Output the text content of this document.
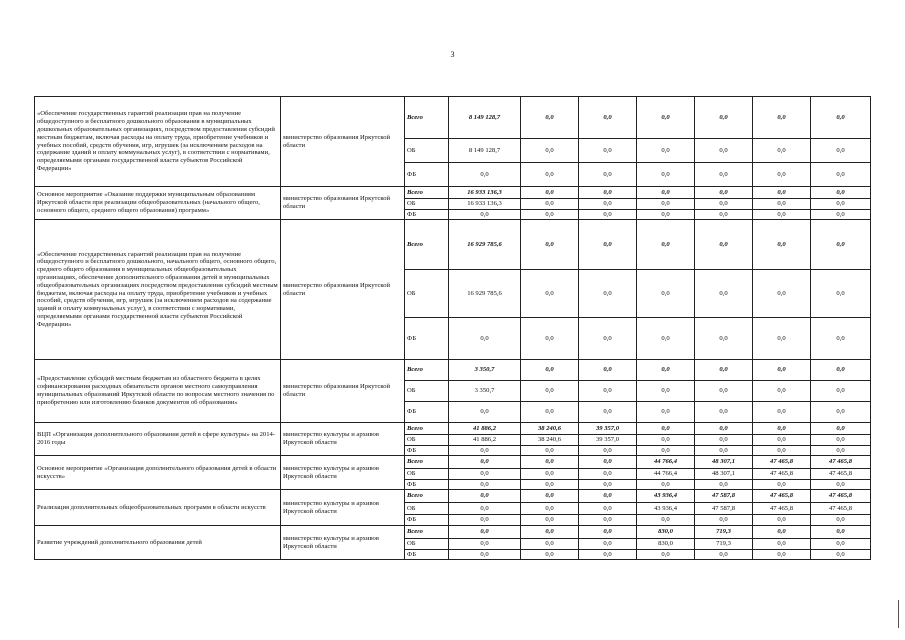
3
«Обеспечение государственных гарантий реализации прав на получение общедоступного и бесплатного дошкольного образования в муниципальных дошкольных образовательных организациях, посредством предоставления субсидий местным бюджетам, включая расходы на оплату труда, приобретение учебников и учебных пособий, средств обучения, игр, игрушек (за исключением расходов на содержание зданий и оплату коммунальных услуг), в соответствии с нормативами, определяемыми органами государственной власти субъектов Российской Федерации»	министерство образования Иркутской области	Всего	8 149 128,7	0,0	0,0	0,0	0,0	0,0	0,0
		ОБ	8 149 128,7	0,0	0,0	0,0	0,0	0,0	0,0
		ФБ	0,0	0,0	0,0	0,0	0,0	0,0	0,0
Основное мероприятие «Оказание поддержки муниципальным образованиям Иркутской области при реализации общеобразовательных (начального общего, основного общего, среднего общего образования) программ»	министерство образования Иркутской области	Всего	16 933 136,3	0,0	0,0	0,0	0,0	0,0	0,0
		ОБ	16 933 136,3	0,0	0,0	0,0	0,0	0,0	0,0
		ФБ	0,0	0,0	0,0	0,0	0,0	0,0	0,0
«Обеспечение государственных гарантий реализации прав на получение общедоступного и бесплатного дошкольного, начального общего, основного общего, среднего общего образования в муниципальных общеобразовательных организациях, обеспечение дополнительного образования детей в муниципальных общеобразовательных организациях посредством предоставления субсидий местным бюджетам, включая расходы на оплату труда, приобретение учебников и учебных пособий, средств обучения, игр, игрушек (за исключением расходов на содержание зданий и оплату коммунальных услуг), в соответствии с нормативами, определяемыми органами государственной власти субъектов Российской Федерации»	министерство образования Иркутской области	Всего	16 929 785,6	0,0	0,0	0,0	0,0	0,0	0,0
		ОБ	16 929 785,6	0,0	0,0	0,0	0,0	0,0	0,0
		ФБ	0,0	0,0	0,0	0,0	0,0	0,0	0,0
«Предоставление субсидий местным бюджетам из областного бюджета в целях софинансирования расходных обязательств органов местного самоуправления муниципальных образований Иркутской области по вопросам местного значения по приобретению или изготовлению бланков документов об образовании»	министерство образования Иркутской области	Всего	3 350,7	0,0	0,0	0,0	0,0	0,0	0,0
		ОБ	3 350,7	0,0	0,0	0,0	0,0	0,0	0,0
		ФБ	0,0	0,0	0,0	0,0	0,0	0,0	0,0
ВЦП «Организация дополнительного образования детей в сфере культуры» на 2014-2016 годы	министерство культуры и архивов Иркутской области	Всего	41 886,2	38 240,6	39 357,0	0,0	0,0	0,0	0,0
		ОБ	41 886,2	38 240,6	39 357,0	0,0	0,0	0,0	0,0
		ФБ	0,0	0,0	0,0	0,0	0,0	0,0	0,0
Основное мероприятие «Организация дополнительного образования детей в области искусств»	министерство культуры и архивов Иркутской области	Всего	0,0	0,0	0,0	44 766,4	48 307,1	47 465,8	47 465,8
		ОБ	0,0	0,0	0,0	44 766,4	48 307,1	47 465,8	47 465,8
		ФБ	0,0	0,0	0,0	0,0	0,0	0,0	0,0
Реализация дополнительных общеобразовательных программ в области искусств	министерство культуры и архивов Иркутской области	Всего	0,0	0,0	0,0	43 936,4	47 587,8	47 465,8	47 465,8
		ОБ	0,0	0,0	0,0	43 936,4	47 587,8	47 465,8	47 465,8
		ФБ	0,0	0,0	0,0	0,0	0,0	0,0	0,0
Развитие учреждений дополнительного образования детей	министерство культуры и архивов Иркутской области	Всего	0,0	0,0	0,0	830,0	719,3	0,0	0,0
		ОБ	0,0	0,0	0,0	830,0	719,3	0,0	0,0
		ФБ	0,0	0,0	0,0	0,0	0,0	0,0	0,0
